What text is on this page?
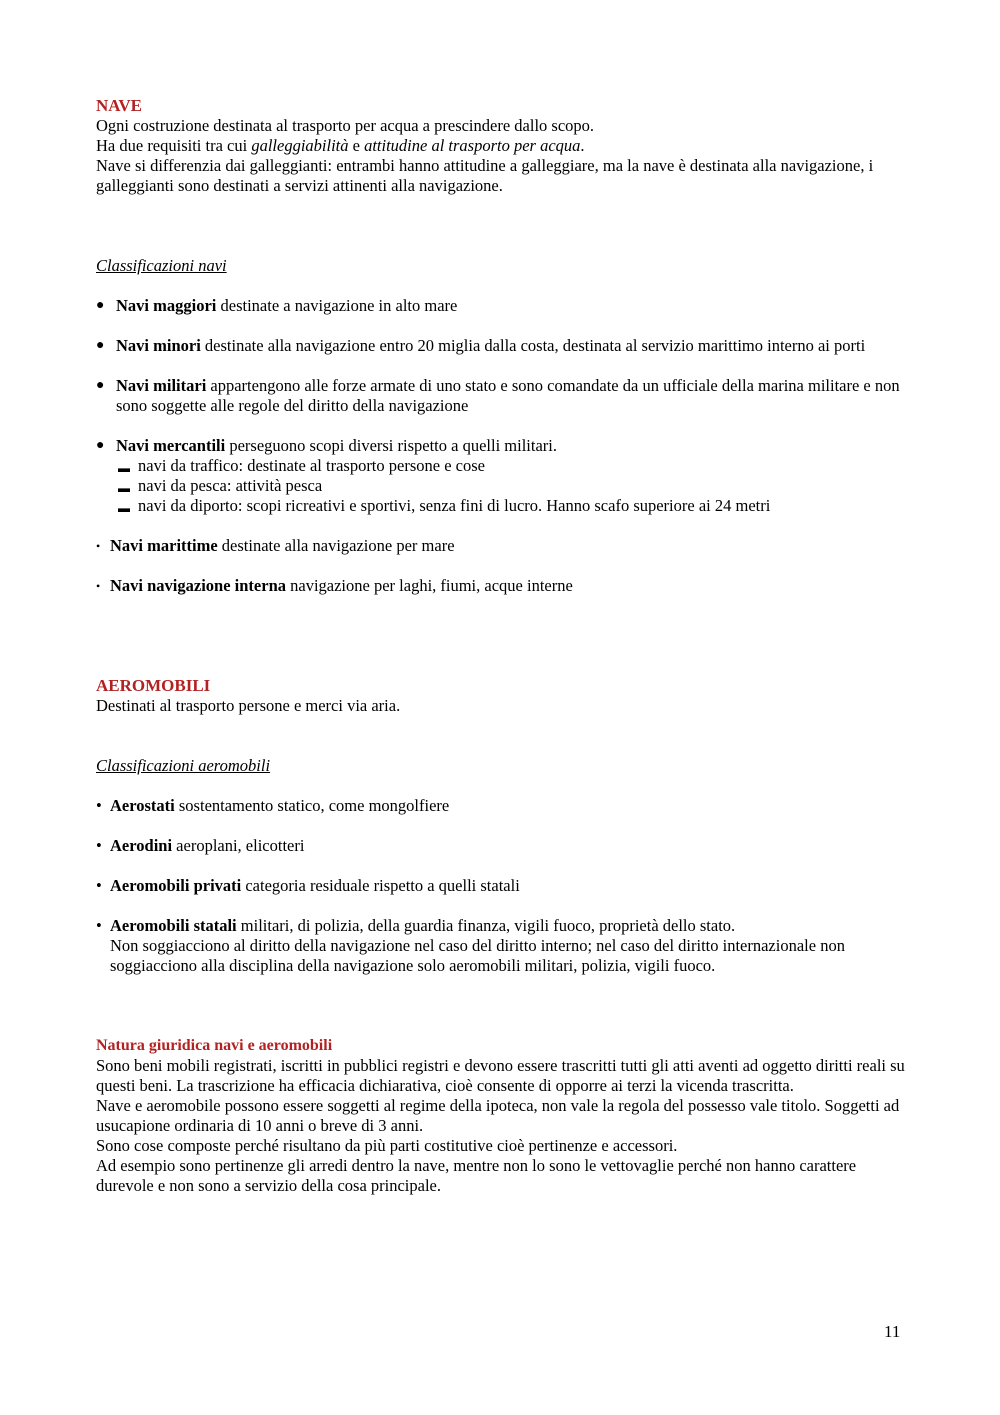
NAVE

Ogni costruzione destinata al trasporto per acqua a prescindere dallo scopo.

Ha due requisiti tra cui galleggiabilità e attitudine al trasporto per acqua.

Nave si differenzia dai galleggianti: entrambi hanno attitudine a galleggiare, ma la nave è destinata alla navigazione, i galleggianti sono destinati a servizi attinenti alla navigazione.

Classificazioni navi

● Navi maggiori destinate a navigazione in alto mare
● Navi minori destinate alla navigazione entro 20 miglia dalla costa, destinata al servizio marittimo interno ai porti
● Navi militari appartengono alle forze armate di uno stato e sono comandate da un ufficiale della marina militare e non sono soggette alle regole del diritto della navigazione
● Navi mercantili perseguono scopi diversi rispetto a quelli militari.
▬ navi da traffico: destinate al trasporto persone e cose
▬ navi da pesca: attività pesca
▬ navi da diporto: scopi ricreativi e sportivi, senza fini di lucro. Hanno scafo superiore ai 24 metri
• Navi marittime destinate alla navigazione per mare
• Navi navigazione interna navigazione per laghi, fiumi, acque interne
AEROMOBILI

Destinati al trasporto persone e merci via aria.

Classificazioni aeromobili

• Aerostati sostentamento statico, come mongolfiere
• Aerodini aeroplani, elicotteri
• Aeromobili privati categoria residuale rispetto a quelli statali
• Aeromobili statali militari, di polizia, della guardia finanza, vigili fuoco, proprietà dello stato.
Non soggiacciono al diritto della navigazione nel caso del diritto interno; nel caso del diritto internazionale non soggiacciono alla disciplina della navigazione solo aeromobili militari, polizia, vigili fuoco.
Natura giuridica navi e aeromobili

Sono beni mobili registrati, iscritti in pubblici registri e devono essere trascritti tutti gli atti aventi ad oggetto diritti reali su questi beni. La trascrizione ha efficacia dichiarativa, cioè consente di opporre ai terzi la vicenda trascritta.

Nave e aeromobile possono essere soggetti al regime della ipoteca, non vale la regola del possesso vale titolo. Soggetti ad usucapione ordinaria di 10 anni o breve di 3 anni.

Sono cose composte perché risultano da più parti costitutive cioè pertinenze e accessori.

Ad esempio sono pertinenze gli arredi dentro la nave, mentre non lo sono le vettovaglie perché non hanno carattere durevole e non sono a servizio della cosa principale.

11
